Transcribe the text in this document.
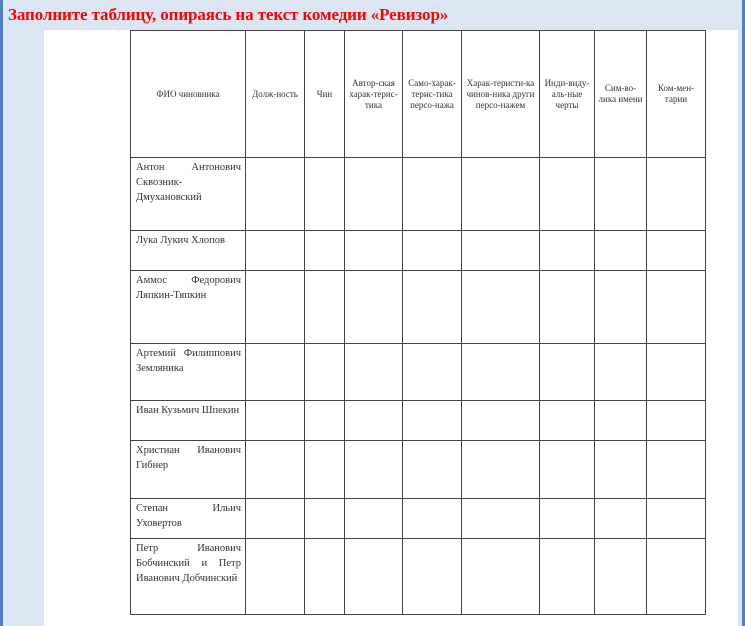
Заполните таблицу, опираясь на текст комедии «Ревизор»
ФИО чиновника	Долж-ность	Чин	Автор-ская харак-терис-тика	Само-харак-терис-тика персо-нажа	Харак-теристи-ка чинов-ника други персо-нажем	Инди-виду-аль-ные черты	Сим-во-лика имени	Ком-мен-тарии

Антон Антонович Сквозник-Дмухановский								

Лука Лукич Хлопов								

Аммос Федорович Ляпкин-Тяпкин								

Артемий Филиппович Земляника								

Иван Кузьмич Шпекин								

Христиан Иванович Гибнер								

Степан Ильич Уховертов								

Петр Иванович Бобчинский и Петр Иванович Добчинский								
